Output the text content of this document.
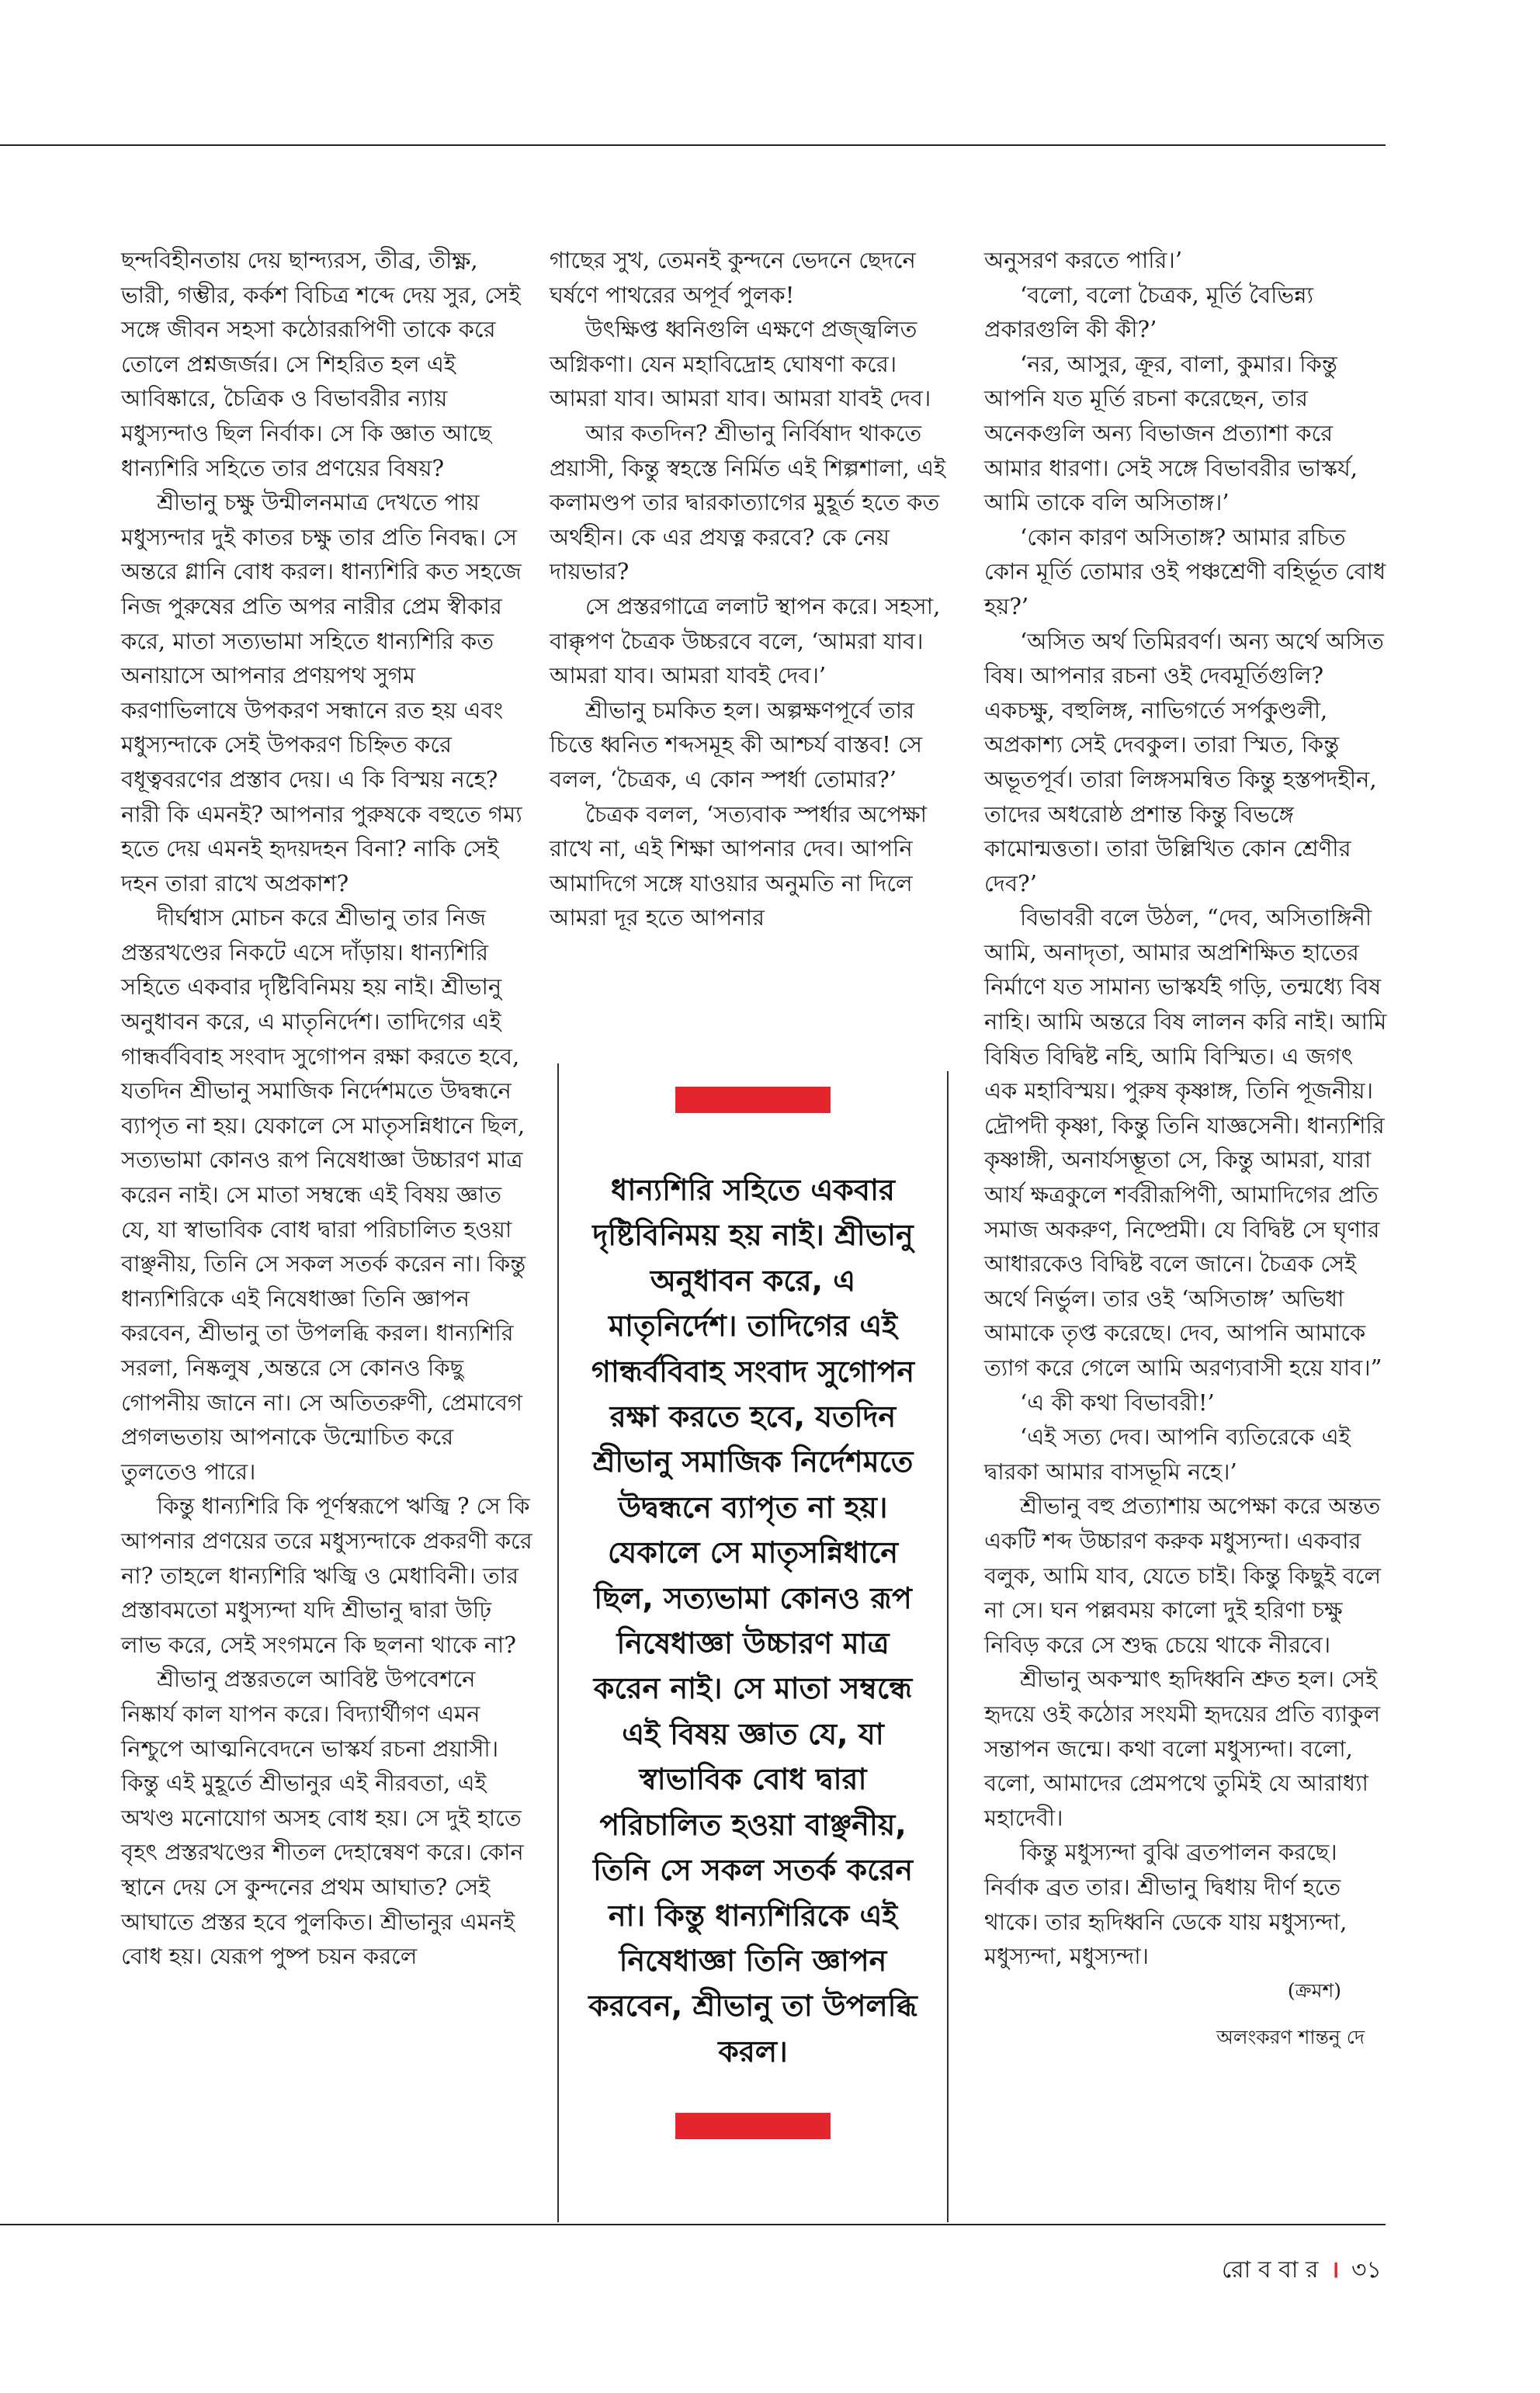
ছন্দবিহীনতায় দেয় ছান্দ্যরস, তীব্র, তীক্ষ্ণ, ভারী, গম্ভীর, কর্কশ বিচিত্র শব্দে দেয় সুর, সেই সঙ্গে জীবন সহসা কঠোররূপিণী তাকে করে তোলে প্রশ্নজর্জর। সে শিহরিত হল এই আবিষ্কারে, চৈত্রিক ও বিভাবরীর ন্যায় মধুস্যন্দাও ছিল নির্বাক। সে কি জ্ঞাত আছে ধান্যশিরি সহিতে তার প্রণয়ের বিষয়?

শ্রীভানু চক্ষু উন্মীলনমাত্র দেখতে পায় মধুস্যন্দার দুই কাতর চক্ষু তার প্রতি নিবদ্ধ। সে অন্তরে গ্লানি বোধ করল। ধান্যশিরি কত সহজে নিজ পুরুষের প্রতি অপর নারীর প্রেম স্বীকার করে, মাতা সত্যভামা সহিতে ধান্যশিরি কত অনায়াসে আপনার প্রণয়পথ সুগম করণাভিলাষে উপকরণ সন্ধানে রত হয় এবং মধুস্যন্দাকে সেই উপকরণ চিহ্নিত করে বধূত্ববরণের প্রস্তাব দেয়। এ কি বিস্ময় নহে? নারী কি এমনই? আপনার পুরুষকে বহুতে গম্য হতে দেয় এমনই হৃদয়দহন বিনা? নাকি সেই দহন তারা রাখে অপ্রকাশ?

দীর্ঘশ্বাস মোচন করে শ্রীভানু তার নিজ প্রস্তরখণ্ডের নিকটে এসে দাঁড়ায়। ধান্যশিরি সহিতে একবার দৃষ্টিবিনিময় হয় নাই। শ্রীভানু অনুধাবন করে, এ মাতৃনির্দেশ। তাদিগের এই গান্ধর্ববিবাহ সংবাদ সুগোপন রক্ষা করতে হবে, যতদিন শ্রীভানু সমাজিক নির্দেশমতে উদ্বন্ধনে ব্যাপৃত না হয়। যেকালে সে মাতৃসন্নিধানে ছিল, সত্যভামা কোনও রূপ নিষেধাজ্ঞা উচ্চারণ মাত্র করেন নাই। সে মাতা সম্বন্ধে এই বিষয় জ্ঞাত যে, যা স্বাভাবিক বোধ দ্বারা পরিচালিত হওয়া বাঞ্ছনীয়, তিনি সে সকল সতর্ক করেন না। কিন্তু ধান্যশিরিকে এই নিষেধাজ্ঞা তিনি জ্ঞাপন করবেন, শ্রীভানু তা উপলব্ধি করল। ধান্যশিরি সরলা, নিষ্কলুষ ,অন্তরে সে কোনও কিছু গোপনীয় জানে না। সে অতিতরুণী, প্রেমাবেগ প্রগলভতায় আপনাকে উন্মোচিত করে তুলতেও পারে।

কিন্তু ধান্যশিরি কি পূর্ণস্বরূপে ঋজ্বি ? সে কি আপনার প্রণয়ের তরে মধুস্যন্দাকে প্রকরণী করে না? তাহলে ধান্যশিরি ঋজ্বি ও মেধাবিনী। তার প্রস্তাবমতো মধুস্যন্দা যদি শ্রীভানু দ্বারা উঢ়ি লাভ করে, সেই সংগমনে কি ছলনা থাকে না?

শ্রীভানু প্রস্তরতলে আবিষ্ট উপবেশনে নিষ্কার্য কাল যাপন করে। বিদ্যার্থীগণ এমন নিশ্চুপে আত্মনিবেদনে ভাস্কর্য রচনা প্রয়াসী। কিন্তু এই মুহূর্তে শ্রীভানুর এই নীরবতা, এই অখণ্ড মনোযোগ অসহ বোধ হয়। সে দুই হাতে বৃহৎ প্রস্তরখণ্ডের শীতল দেহান্বেষণ করে। কোন স্থানে দেয় সে কুন্দনের প্রথম আঘাত? সেই আঘাতে প্রস্তর হবে পুলকিত। শ্রীভানুর এমনই বোধ হয়। যেরূপ পুষ্প চয়ন করলে

গাছের সুখ, তেমনই কুন্দনে ভেদনে ছেদনে ঘর্ষণে পাথরের অপূর্ব পুলক!

উৎক্ষিপ্ত ধ্বনিগুলি এক্ষণে প্রজ্জ্বলিত অগ্নিকণা। যেন মহাবিদ্রোহ ঘোষণা করে। আমরা যাব। আমরা যাব। আমরা যাবই দেব।

আর কতদিন? শ্রীভানু নির্বিষাদ থাকতে প্রয়াসী, কিন্তু স্বহস্তে নির্মিত এই শিল্পশালা, এই কলামণ্ডপ তার দ্বারকাত্যাগের মুহূর্ত হতে কত অর্থহীন। কে এর প্রযত্ন করবে? কে নেয় দায়ভার?

সে প্রস্তরগাত্রে ললাট স্থাপন করে। সহসা, বাক্কৃপণ চৈত্রক উচ্চরবে বলে, ‘আমরা যাব। আমরা যাব। আমরা যাবই দেব।’

শ্রীভানু চমকিত হল। অল্পক্ষণপূর্বে তার চিত্তে ধ্বনিত শব্দসমূহ কী আশ্চর্য বাস্তব! সে বলল, ‘চৈত্রক, এ কোন স্পর্ধা তোমার?’

চৈত্রক বলল, ‘সত্যবাক স্পর্ধার অপেক্ষা রাখে না, এই শিক্ষা আপনার দেব। আপনি আমাদিগে সঙ্গে যাওয়ার অনুমতি না দিলে আমরা দূর হতে আপনার

ধান্যশিরি সহিতে একবার দৃষ্টিবিনিময় হয় নাই। শ্রীভানু অনুধাবন করে, এ মাতৃনির্দেশ। তাদিগের এই গান্ধর্ববিবাহ সংবাদ সুগোপন রক্ষা করতে হবে, যতদিন শ্রীভানু সমাজিক নির্দেশমতে উদ্বন্ধনে ব্যাপৃত না হয়। যেকালে সে মাতৃসন্নিধানে ছিল, সত্যভামা কোনও রূপ নিষেধাজ্ঞা উচ্চারণ মাত্র করেন নাই। সে মাতা সম্বন্ধে এই বিষয় জ্ঞাত যে, যা স্বাভাবিক বোধ দ্বারা পরিচালিত হওয়া বাঞ্ছনীয়, তিনি সে সকল সতর্ক করেন না। কিন্তু ধান্যশিরিকে এই নিষেধাজ্ঞা তিনি জ্ঞাপন করবেন, শ্রীভানু তা উপলব্ধি করল।

অনুসরণ করতে পারি।’

‘বলো, বলো চৈত্রক, মূর্তি বৈভিন্ন্য প্রকারগুলি কী কী?’

‘নর, আসুর, ক্রূর, বালা, কুমার। কিন্তু আপনি যত মূর্তি রচনা করেছেন, তার অনেকগুলি অন্য বিভাজন প্রত্যাশা করে আমার ধারণা। সেই সঙ্গে বিভাবরীর ভাস্কর্য, আমি তাকে বলি অসিতাঙ্গ।’

‘কোন কারণ অসিতাঙ্গ? আমার রচিত কোন মূর্তি তোমার ওই পঞ্চশ্রেণী বহির্ভূত বোধ হয়?’

‘অসিত অর্থ তিমিরবর্ণ। অন্য অর্থে অসিত বিষ। আপনার রচনা ওই দেবমূর্তিগুলি? একচক্ষু, বহুলিঙ্গ, নাভিগর্তে সর্পকুণ্ডলী, অপ্রকাশ্য সেই দেবকুল। তারা স্মিত, কিন্তু অভূতপূর্ব। তারা লিঙ্গসমন্বিত কিন্তু হস্তপদহীন, তাদের অধরোষ্ঠ প্রশান্ত কিন্তু বিভঙ্গে কামোন্মত্ততা। তারা উল্লিখিত কোন শ্রেণীর দেব?’

বিভাবরী বলে উঠল, “দেব, অসিতাঙ্গিনী আমি, অনাদৃতা, আমার অপ্রশিক্ষিত হাতের নির্মাণে যত সামান্য ভাস্কর্যই গড়ি, তন্মধ্যে বিষ নাহি। আমি অন্তরে বিষ লালন করি নাই। আমি বিষিত বিদ্বিষ্ট নহি, আমি বিস্মিত। এ জগৎ এক মহাবিস্ময়। পুরুষ কৃষ্ণাঙ্গ, তিনি পূজনীয়। দ্রৌপদী কৃষ্ণা, কিন্তু তিনি যাজ্ঞসেনী। ধান্যশিরি কৃষ্ণাঙ্গী, অনার্যসম্ভূতা সে, কিন্তু আমরা, যারা আর্য ক্ষত্রকুলে শর্বরীরূপিণী, আমাদিগের প্রতি সমাজ অকরুণ, নিষ্প্রেমী। যে বিদ্বিষ্ট সে ঘৃণার আধারকেও বিদ্বিষ্ট বলে জানে। চৈত্রক সেই অর্থে নির্ভুল। তার ওই ‘অসিতাঙ্গ’ অভিধা আমাকে তৃপ্ত করেছে। দেব, আপনি আমাকে ত্যাগ করে গেলে আমি অরণ্যবাসী হয়ে যাব।”

‘এ কী কথা বিভাবরী!’

‘এই সত্য দেব। আপনি ব্যতিরেকে এই দ্বারকা আমার বাসভূমি নহে।’

শ্রীভানু বহু প্রত্যাশায় অপেক্ষা করে অন্তত একটি শব্দ উচ্চারণ করুক মধুস্যন্দা। একবার বলুক, আমি যাব, যেতে চাই। কিন্তু কিছুই বলে না সে। ঘন পল্লবময় কালো দুই হরিণা চক্ষু নিবিড় করে সে শুদ্ধ চেয়ে থাকে নীরবে।

শ্রীভানু অকস্মাৎ হৃদিধ্বনি শ্রুত হল। সেই হৃদয়ে ওই কঠোর সংযমী হৃদয়ের প্রতি ব্যাকুল সন্তাপন জন্মে। কথা বলো মধুস্যন্দা। বলো, বলো, আমাদের প্রেমপথে তুমিই যে আরাধ্যা মহাদেবী।

কিন্তু মধুস্যন্দা বুঝি ব্রতপালন করছে। নির্বাক ব্রত তার। শ্রীভানু দ্বিধায় দীর্ণ হতে থাকে। তার হৃদিধ্বনি ডেকে যায় মধুস্যন্দা, মধুস্যন্দা, মধুস্যন্দা।

(ক্রমশ)

অলংকরণ শান্তনু দে

রো ব বা র । ৩১
